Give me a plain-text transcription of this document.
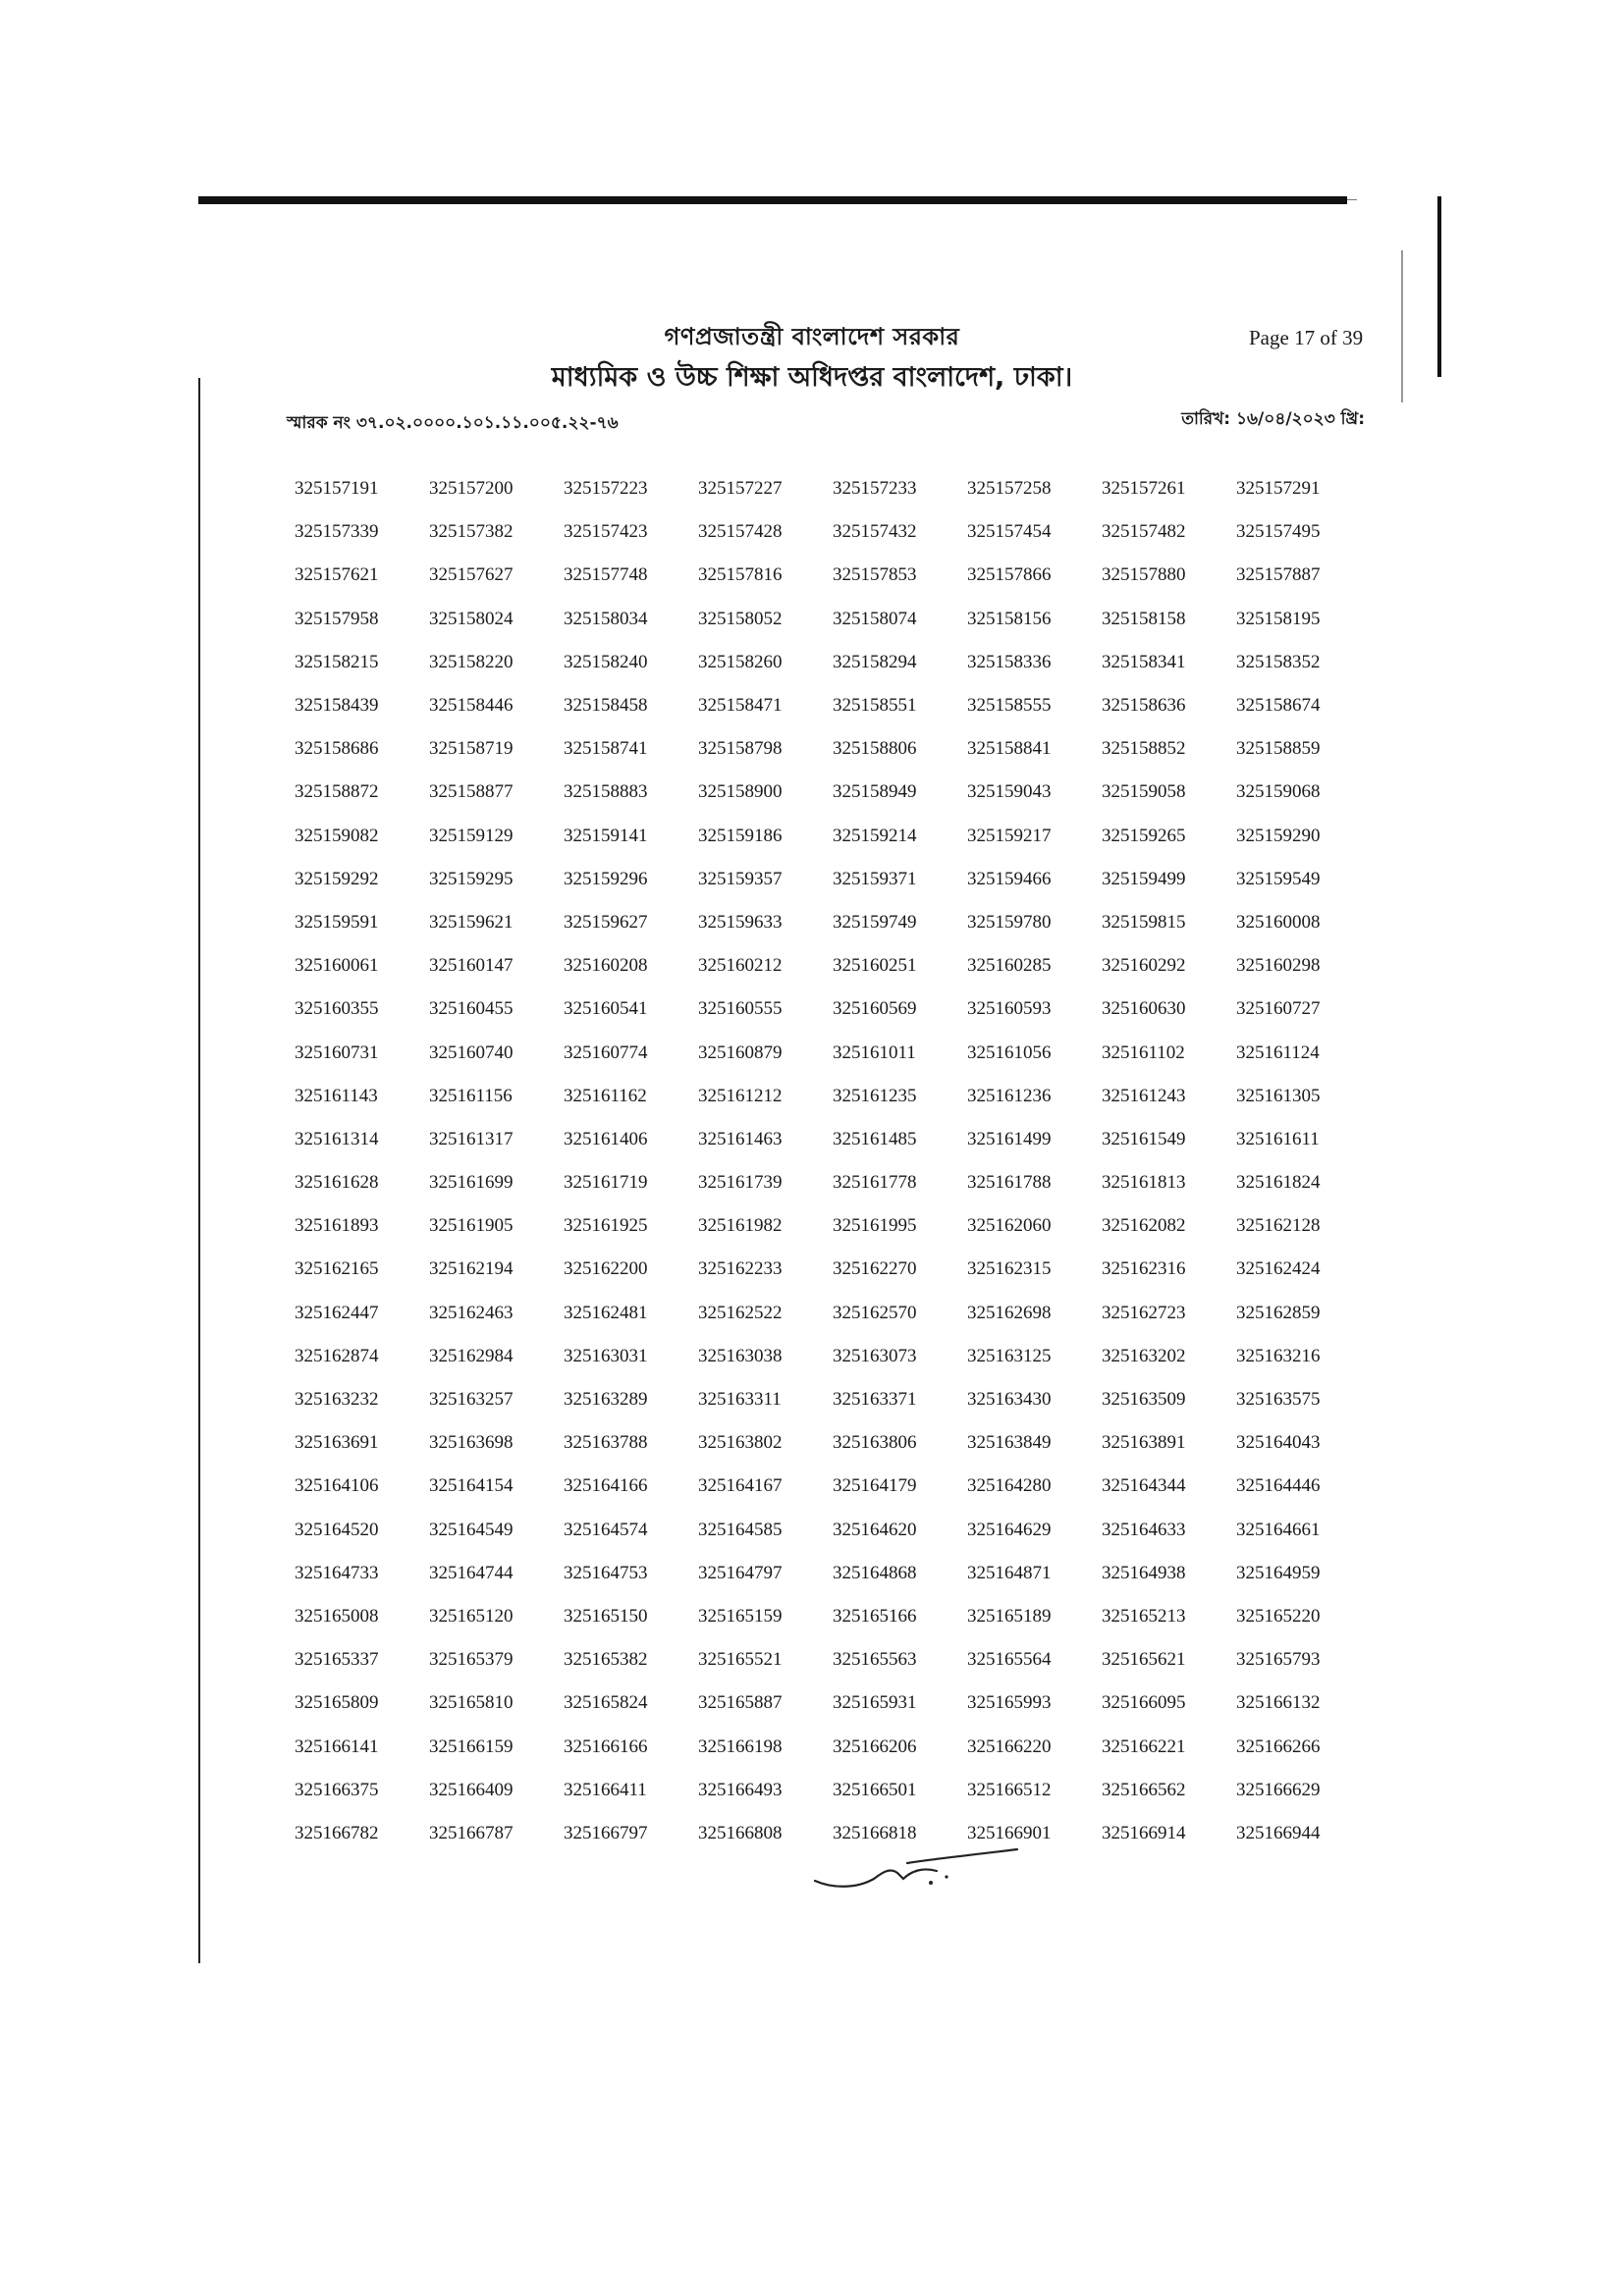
গণপ্রজাতন্ত্রী বাংলাদেশ সরকার
মাধ্যমিক ও উচ্চ শিক্ষা অধিদপ্তর বাংলাদেশ, ঢাকা।
Page 17 of 39
স্মারক নং ৩৭.০২.০০০০.১০১.১১.০০৫.২২-৭৬	তারিখ: ১৬/০৪/২০২৩ খ্রি:
325157191	325157200	325157223	325157227	325157233	325157258	325157261	325157291
325157339	325157382	325157423	325157428	325157432	325157454	325157482	325157495
325157621	325157627	325157748	325157816	325157853	325157866	325157880	325157887
325157958	325158024	325158034	325158052	325158074	325158156	325158158	325158195
325158215	325158220	325158240	325158260	325158294	325158336	325158341	325158352
325158439	325158446	325158458	325158471	325158551	325158555	325158636	325158674
325158686	325158719	325158741	325158798	325158806	325158841	325158852	325158859
325158872	325158877	325158883	325158900	325158949	325159043	325159058	325159068
325159082	325159129	325159141	325159186	325159214	325159217	325159265	325159290
325159292	325159295	325159296	325159357	325159371	325159466	325159499	325159549
325159591	325159621	325159627	325159633	325159749	325159780	325159815	325160008
325160061	325160147	325160208	325160212	325160251	325160285	325160292	325160298
325160355	325160455	325160541	325160555	325160569	325160593	325160630	325160727
325160731	325160740	325160774	325160879	325161011	325161056	325161102	325161124
325161143	325161156	325161162	325161212	325161235	325161236	325161243	325161305
325161314	325161317	325161406	325161463	325161485	325161499	325161549	325161611
325161628	325161699	325161719	325161739	325161778	325161788	325161813	325161824
325161893	325161905	325161925	325161982	325161995	325162060	325162082	325162128
325162165	325162194	325162200	325162233	325162270	325162315	325162316	325162424
325162447	325162463	325162481	325162522	325162570	325162698	325162723	325162859
325162874	325162984	325163031	325163038	325163073	325163125	325163202	325163216
325163232	325163257	325163289	325163311	325163371	325163430	325163509	325163575
325163691	325163698	325163788	325163802	325163806	325163849	325163891	325164043
325164106	325164154	325164166	325164167	325164179	325164280	325164344	325164446
325164520	325164549	325164574	325164585	325164620	325164629	325164633	325164661
325164733	325164744	325164753	325164797	325164868	325164871	325164938	325164959
325165008	325165120	325165150	325165159	325165166	325165189	325165213	325165220
325165337	325165379	325165382	325165521	325165563	325165564	325165621	325165793
325165809	325165810	325165824	325165887	325165931	325165993	325166095	325166132
325166141	325166159	325166166	325166198	325166206	325166220	325166221	325166266
325166375	325166409	325166411	325166493	325166501	325166512	325166562	325166629
325166782	325166787	325166797	325166808	325166818	325166901	325166914	325166944
